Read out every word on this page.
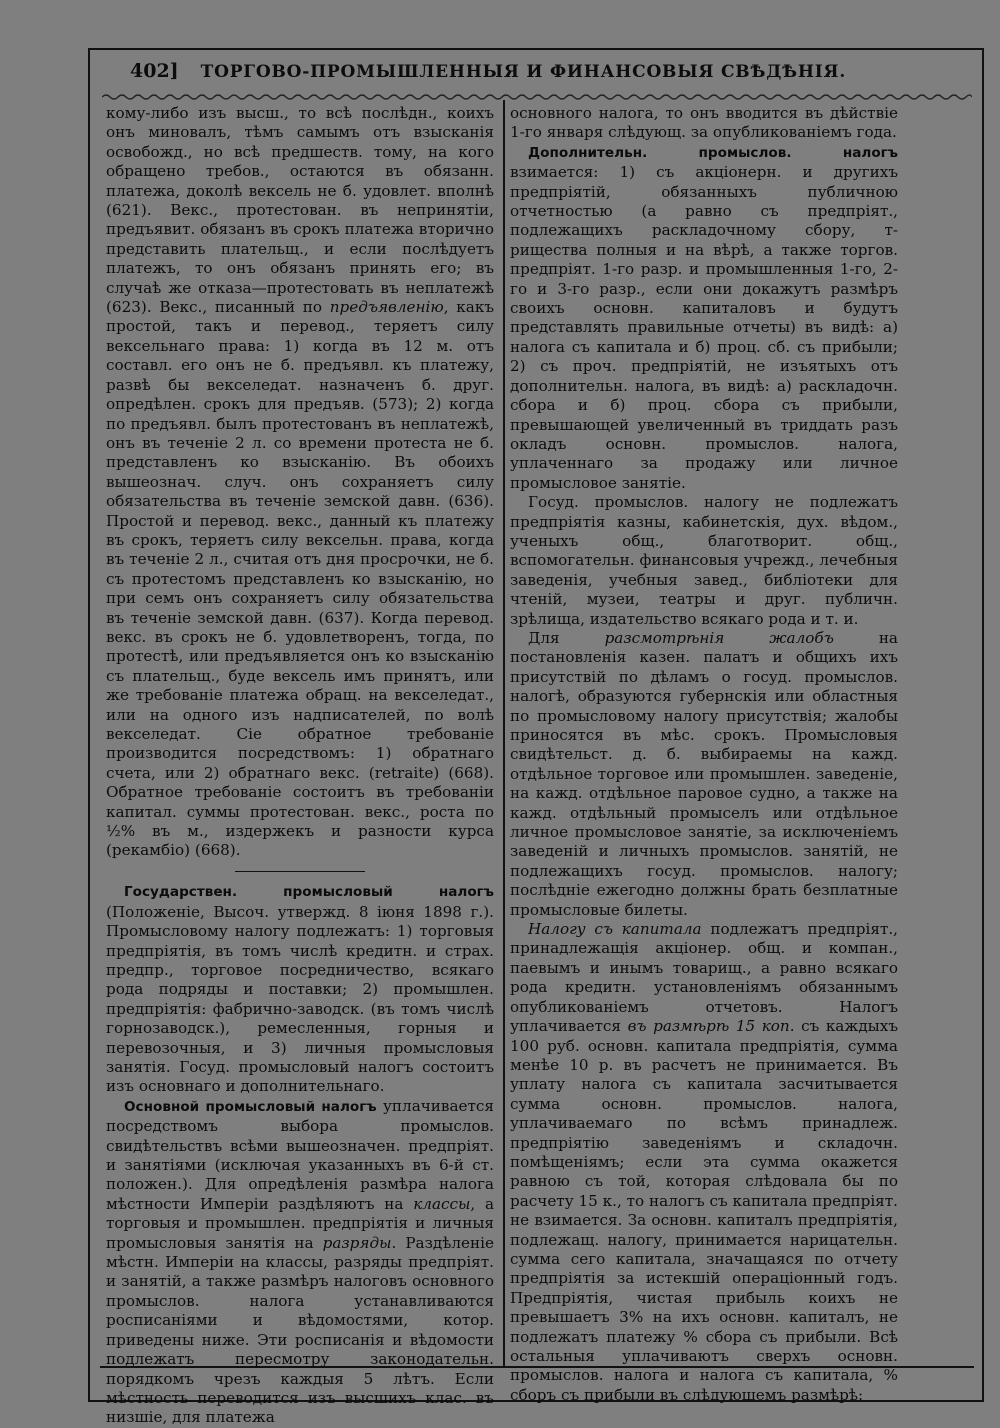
402] ТОРГОВО-ПРОМЫШЛЕННЫЯ И ФИНАНСОВЫЯ СВѢДѢНІЯ.

кому-либо изъ высш., то всѣ послѣдн., коихъ онъ миновалъ, тѣмъ самымъ отъ взысканія освобожд., но всѣ предшеств. тому, на кого обращено требов., остаются въ обязанн. платежа, доколѣ вексель не б. удовлет. вполнѣ (621). Векс., протестован. въ непринятіи, предъявит. обязанъ въ срокъ платежа вторично представить плательщ., и если послѣдуетъ платежъ, то онъ обязанъ принять его; въ случаѣ же отказа—протестовать въ неплатежѣ (623). Векс., писанный по предъявленію, какъ простой, такъ и перевод., теряетъ силу вексельнаго права: 1) когда въ 12 м. отъ составл. его онъ не б. предъявл. къ платежу, развѣ бы векселедат. назначенъ б. друг. опредѣлен. срокъ для предъяв. (573); 2) когда по предъявл. былъ протестованъ въ неплатежѣ, онъ въ теченіе 2 л. со времени протеста не б. представленъ ко взысканію. Въ обоихъ вышеознач. случ. онъ сохраняетъ силу обязательства въ теченіе земской давн. (636). Простой и перевод. векс., данный къ платежу въ срокъ, теряетъ силу вексельн. права, когда въ теченіе 2 л., считая отъ дня просрочки, не б. съ протестомъ представленъ ко взысканію, но при семъ онъ сохраняетъ силу обязательства въ теченіе земской давн. (637). Когда перевод. векс. въ срокъ не б. удовлетворенъ, тогда, по протестѣ, или предъявляется онъ ко взысканію съ плательщ., буде вексель имъ принятъ, или же требованіе платежа обращ. на векселедат., или на одного изъ надписателей, по волѣ векселедат. Сіе обратное требованіе производится посредствомъ: 1) обратнаго счета, или 2) обратнаго векс. (retraite) (668). Обратное требованіе состоитъ въ требованіи капитал. суммы протестован. векс., роста по ½% въ м., издержекъ и разности курса (рекамбіо) (668).

Государствен. промысловый налогъ (Положеніе, Высоч. утвержд. 8 іюня 1898 г.). Промысловому налогу подлежатъ: 1) торговыя предпріятія, въ томъ числѣ кредитн. и страх. предпр., торговое посредничество, всякаго рода подряды и поставки; 2) промышлен. предпріятія: фабрично-заводск. (въ томъ числѣ горнозаводск.), ремесленныя, горныя и перевозочныя, и 3) личныя промысловыя занятія. Госуд. промысловый налогъ состоитъ изъ основнаго и дополнительнаго.

Основной промысловый налогъ уплачивается посредствомъ выбора промыслов. свидѣтельствъ всѣми вышеозначен. предпріят. и занятіями (исключая указанныхъ въ 6-й ст. положен.). Для опредѣленія размѣра налога мѣстности Имперіи раздѣляютъ на классы, а торговыя и промышлен. предпріятія и личныя промысловыя занятія на разряды. Раздѣленіе мѣстн. Имперіи на классы, разряды предпріят. и занятій, а также размѣръ налоговъ основного промыслов. налога устанавливаются росписаніями и вѣдомостями, котор. приведены ниже. Эти росписанія и вѣдомости подлежатъ пересмотру законодательн. порядкомъ чрезъ каждыя 5 лѣтъ. Если мѣстность переводится изъ высшихъ клас. въ низшіе, для платежа

основного налога, то онъ вводится въ дѣйствіе 1-го января слѣдующ. за опубликованіемъ года.

Дополнительн. промыслов. налогъ взимается: 1) съ акціонерн. и другихъ предпріятій, обязанныхъ публичною отчетностью (а равно съ предпріят., подлежащихъ раскладочному сбору, т-рищества полныя и на вѣрѣ, а также торгов. предпріят. 1-го разр. и промышленныя 1-го, 2-го и 3-го разр., если они докажутъ размѣръ своихъ основн. капиталовъ и будутъ представлять правильные отчеты) въ видѣ: а) налога съ капитала и б) проц. сб. съ прибыли; 2) съ проч. предпріятій, не изъятыхъ отъ дополнительн. налога, въ видѣ: а) раскладочн. сбора и б) проц. сбора съ прибыли, превышающей увеличенный въ триддать разъ окладъ основн. промыслов. налога, уплаченнаго за продажу или личное промысловое занятіе.

Госуд. промыслов. налогу не подлежатъ предпріятія казны, кабинетскія, дух. вѣдом., ученыхъ общ., благотворит. общ., вспомогательн. финансовыя учрежд., лечебныя заведенія, учебныя завед., библіотеки для чтеній, музеи, театры и друг. публичн. зрѣлища, издательство всякаго рода и т. и.

Для	разсмотрѣнія жалобъ	на постановленія казен. палатъ и общихъ ихъ присутствій по дѣламъ о госуд. промыслов. налогѣ, образуются губернскія или областныя по промысловому налогу присутствія; жалобы приносятся въ мѣс. срокъ. Промысловыя свидѣтельст. д. б. выбираемы на кажд. отдѣльное торговое или промышлен. заведеніе, на кажд. отдѣльное паровое судно, а также на кажд. отдѣльный промыселъ или отдѣльное личное промысловое занятіе, за исключеніемъ заведеній и личныхъ промыслов. занятій, не подлежащихъ госуд. промыслов. налогу; послѣдніе ежегодно должны брать безплатные промысловые билеты.

Налогу съ капитала подлежатъ предпріят., принадлежащія акціонер. общ. и компан., паевымъ и инымъ товарищ., а равно всякаго рода кредитн. установленіямъ обязаннымъ опубликованіемъ отчетовъ. Налогъ уплачивается въ размѣрѣ 15 коп. съ каждыхъ 100 руб. основн. капитала предпріятія, сумма менѣе 10 р. въ расчетъ не принимается. Въ уплату налога съ капитала засчитывается сумма основн. промыслов. налога, уплачиваемаго по всѣмъ принадлеж. предпріятію заведеніямъ и складочн. помѣщеніямъ; если эта сумма окажется равною съ той, которая слѣдовала бы по расчету 15 к., то налогъ съ капитала предпріят. не взимается. За основн. капиталъ предпріятія, подлежащ. налогу, принимается нарицательн. сумма сего капитала, значащаяся по отчету предпріятія за истекшій операціонный годъ. Предпріятія, чистая прибыль коихъ не превышаетъ 3% на ихъ основн. капиталъ, не подлежатъ платежу % сбора съ прибыли. Всѣ остальныя уплачиваютъ сверхъ основн. промыслов. налога и налога съ капитала, % сборъ съ прибыли въ слѣдующемъ размѣрѣ:
